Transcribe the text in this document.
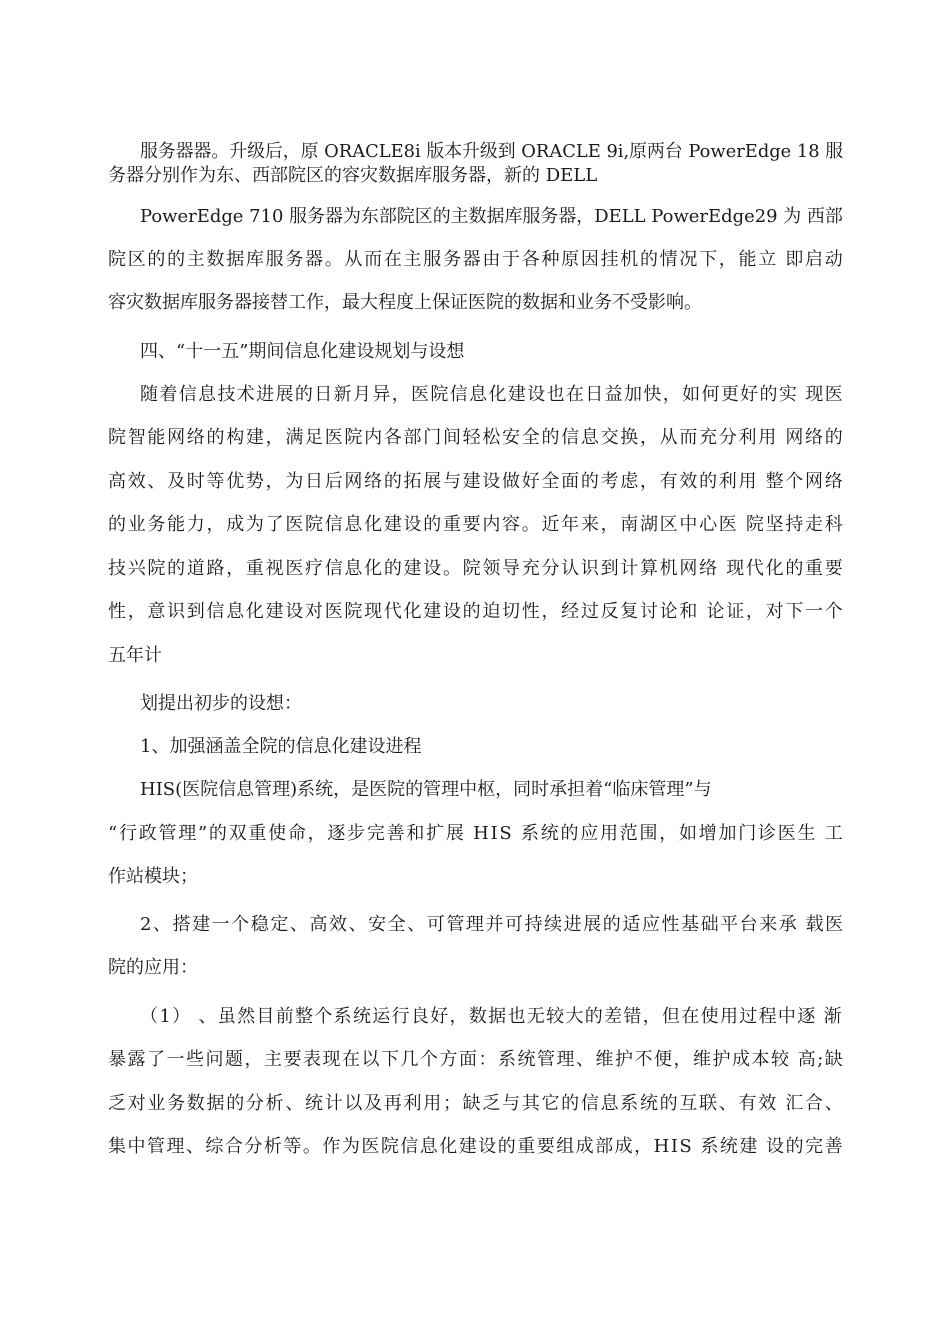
服务器器。升级后，原 ORACLE8i 版本升级到 ORACLE 9i,原两台 PowerEdge 18 服
务器分别作为东、西部院区的容灾数据库服务器，新的 DELL
PowerEdge 710 服务器为东部院区的主数据库服务器，DELL PowerEdge29 为 西部
院区的的主数据库服务器。从而在主服务器由于各种原因挂机的情况下，能立 即启动
容灾数据库服务器接替工作，最大程度上保证医院的数据和业务不受影响。
四、“十一五”期间信息化建设规划与设想
随着信息技术进展的日新月异，医院信息化建设也在日益加快，如何更好的实 现医
院智能网络的构建，满足医院内各部门间轻松安全的信息交换，从而充分利用 网络的
高效、及时等优势，为日后网络的拓展与建设做好全面的考虑，有效的利用 整个网络
的业务能力，成为了医院信息化建设的重要内容。近年来，南湖区中心医 院坚持走科
技兴院的道路，重视医疗信息化的建设。院领导充分认识到计算机网络 现代化的重要
性，意识到信息化建设对医院现代化建设的迫切性，经过反复讨论和 论证，对下一个
五年计
划提出初步的设想：
1、加强涵盖全院的信息化建设进程
HIS(医院信息管理)系统，是医院的管理中枢，同时承担着“临床管理”与
“行政管理”的双重使命，逐步完善和扩展 HIS 系统的应用范围，如增加门诊医生 工
作站模块；
2、搭建一个稳定、高效、安全、可管理并可持续进展的适应性基础平台来承 载医
院的应用：
（1） 、虽然目前整个系统运行良好，数据也无较大的差错，但在使用过程中逐 渐
暴露了一些问题，主要表现在以下几个方面：系统管理、维护不便，维护成本较 高;缺
乏对业务数据的分析、统计以及再利用；缺乏与其它的信息系统的互联、有效 汇合、
集中管理、综合分析等。作为医院信息化建设的重要组成部成，HIS 系统建 设的完善
